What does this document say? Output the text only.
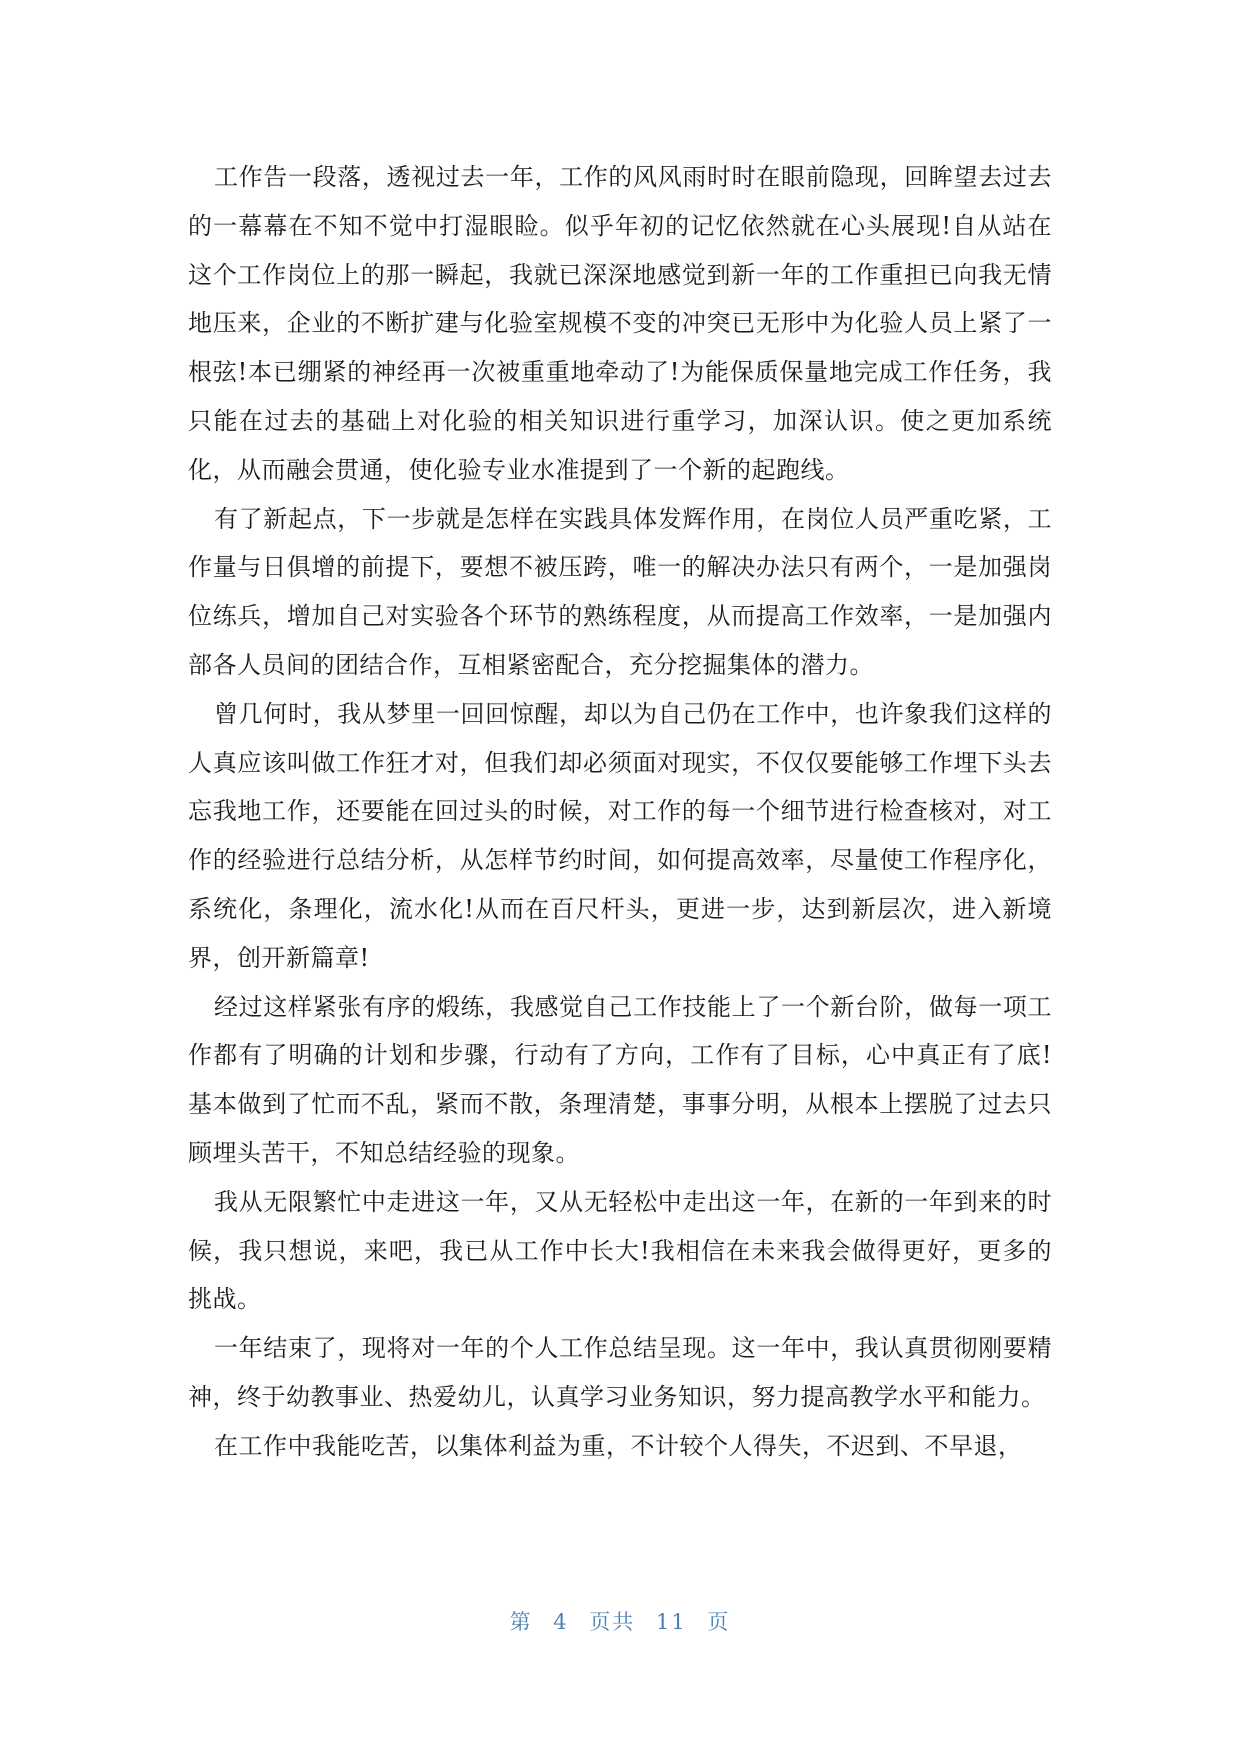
工作告一段落，透视过去一年，工作的风风雨时时在眼前隐现，回眸望去过去的一幕幕在不知不觉中打湿眼睑。似乎年初的记忆依然就在心头展现!自从站在这个工作岗位上的那一瞬起，我就已深深地感觉到新一年的工作重担已向我无情地压来，企业的不断扩建与化验室规模不变的冲突已无形中为化验人员上紧了一根弦!本已绷紧的神经再一次被重重地牵动了!为能保质保量地完成工作任务，我只能在过去的基础上对化验的相关知识进行重学习，加深认识。使之更加系统化，从而融会贯通，使化验专业水准提到了一个新的起跑线。

有了新起点，下一步就是怎样在实践具体发辉作用，在岗位人员严重吃紧，工作量与日俱增的前提下，要想不被压跨，唯一的解决办法只有两个，一是加强岗位练兵，增加自己对实验各个环节的熟练程度，从而提高工作效率，一是加强内部各人员间的团结合作，互相紧密配合，充分挖掘集体的潜力。

曾几何时，我从梦里一回回惊醒，却以为自己仍在工作中，也许象我们这样的人真应该叫做工作狂才对，但我们却必须面对现实，不仅仅要能够工作埋下头去忘我地工作，还要能在回过头的时候，对工作的每一个细节进行检查核对，对工作的经验进行总结分析，从怎样节约时间，如何提高效率，尽量使工作程序化，系统化，条理化，流水化!从而在百尺杆头，更进一步，达到新层次，进入新境界，创开新篇章!

经过这样紧张有序的煅练，我感觉自己工作技能上了一个新台阶，做每一项工作都有了明确的计划和步骤，行动有了方向，工作有了目标，心中真正有了底!基本做到了忙而不乱，紧而不散，条理清楚，事事分明，从根本上摆脱了过去只顾埋头苦干，不知总结经验的现象。

我从无限繁忙中走进这一年，又从无轻松中走出这一年，在新的一年到来的时候，我只想说，来吧，我已从工作中长大!我相信在未来我会做得更好，更多的挑战。

一年结束了，现将对一年的个人工作总结呈现。这一年中，我认真贯彻刚要精神，终于幼教事业、热爱幼儿，认真学习业务知识，努力提高教学水平和能力。

在工作中我能吃苦，以集体利益为重，不计较个人得失，不迟到、不早退，

第 4 页共 11 页
